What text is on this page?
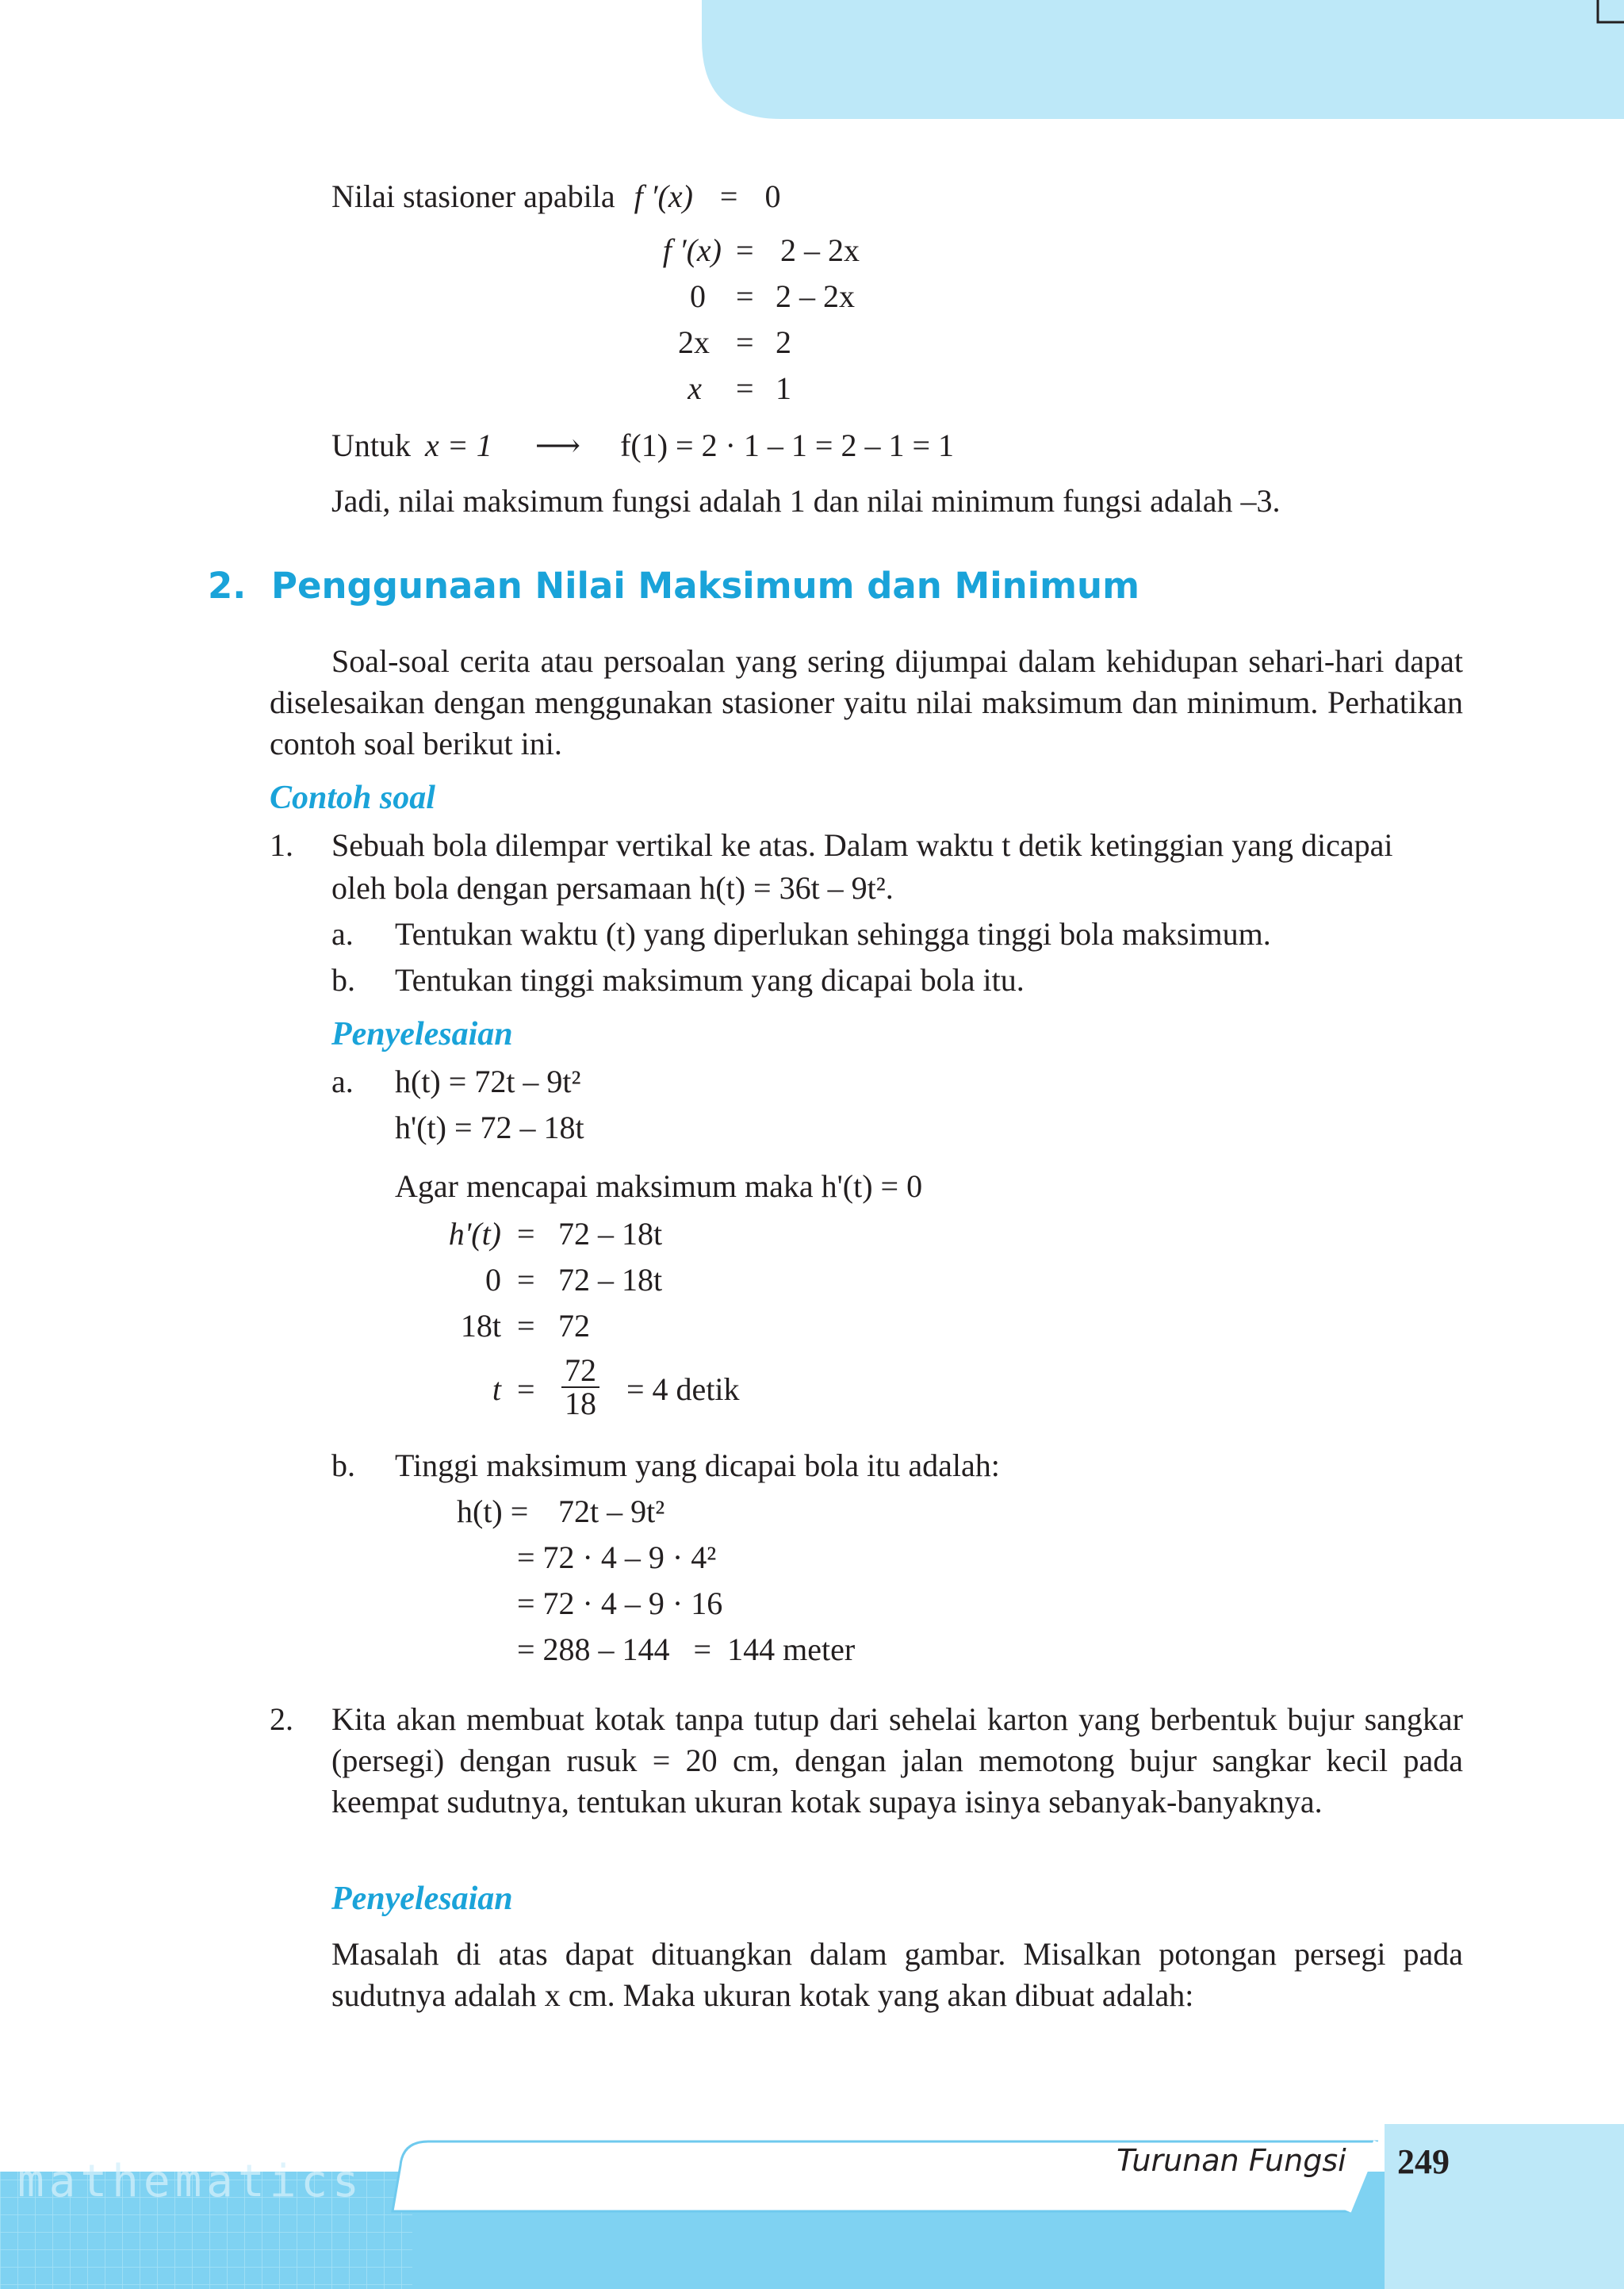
Nilai stasioner apabila f ′(x) = 0
f ′(x) = 2 – 2x
0 = 2 – 2x
2x = 2
x = 1
Untuk x = 1 ⟶ f(1) = 2 · 1 – 1 = 2 – 1 = 1
Jadi, nilai maksimum fungsi adalah 1 dan nilai minimum fungsi adalah –3.
2. Penggunaan Nilai Maksimum dan Minimum
Soal-soal cerita atau persoalan yang sering dijumpai dalam kehidupan sehari-hari dapat diselesaikan dengan menggunakan stasioner yaitu nilai maksimum dan minimum. Perhatikan contoh soal berikut ini.
Contoh soal
1. Sebuah bola dilempar vertikal ke atas. Dalam waktu t detik ketinggian yang dicapai
oleh bola dengan persamaan h(t) = 36t – 9t².
a. Tentukan waktu (t) yang diperlukan sehingga tinggi bola maksimum.
b. Tentukan tinggi maksimum yang dicapai bola itu.
Penyelesaian
a. h(t) = 72t – 9t²
h'(t) = 72 – 18t
Agar mencapai maksimum maka h'(t) = 0
h'(t) = 72 – 18t
0 = 72 – 18t
18t = 72
$t = \frac{72}{18} = 4$ detik
b. Tinggi maksimum yang dicapai bola itu adalah:
h(t) = 72t – 9t²
= 72 · 4 – 9 · 4²
= 72 · 4 – 9 · 16
= 288 – 144   =  144 meter
2. Kita akan membuat kotak tanpa tutup dari sehelai karton yang berbentuk bujur sangkar (persegi) dengan rusuk = 20 cm, dengan jalan memotong bujur sangkar kecil pada keempat sudutnya, tentukan ukuran kotak supaya isinya sebanyak-banyaknya.
Penyelesaian
Masalah di atas dapat dituangkan dalam gambar. Misalkan potongan persegi pada sudutnya adalah x cm. Maka ukuran kotak yang akan dibuat adalah:
mathematics	Turunan Fungsi 249
